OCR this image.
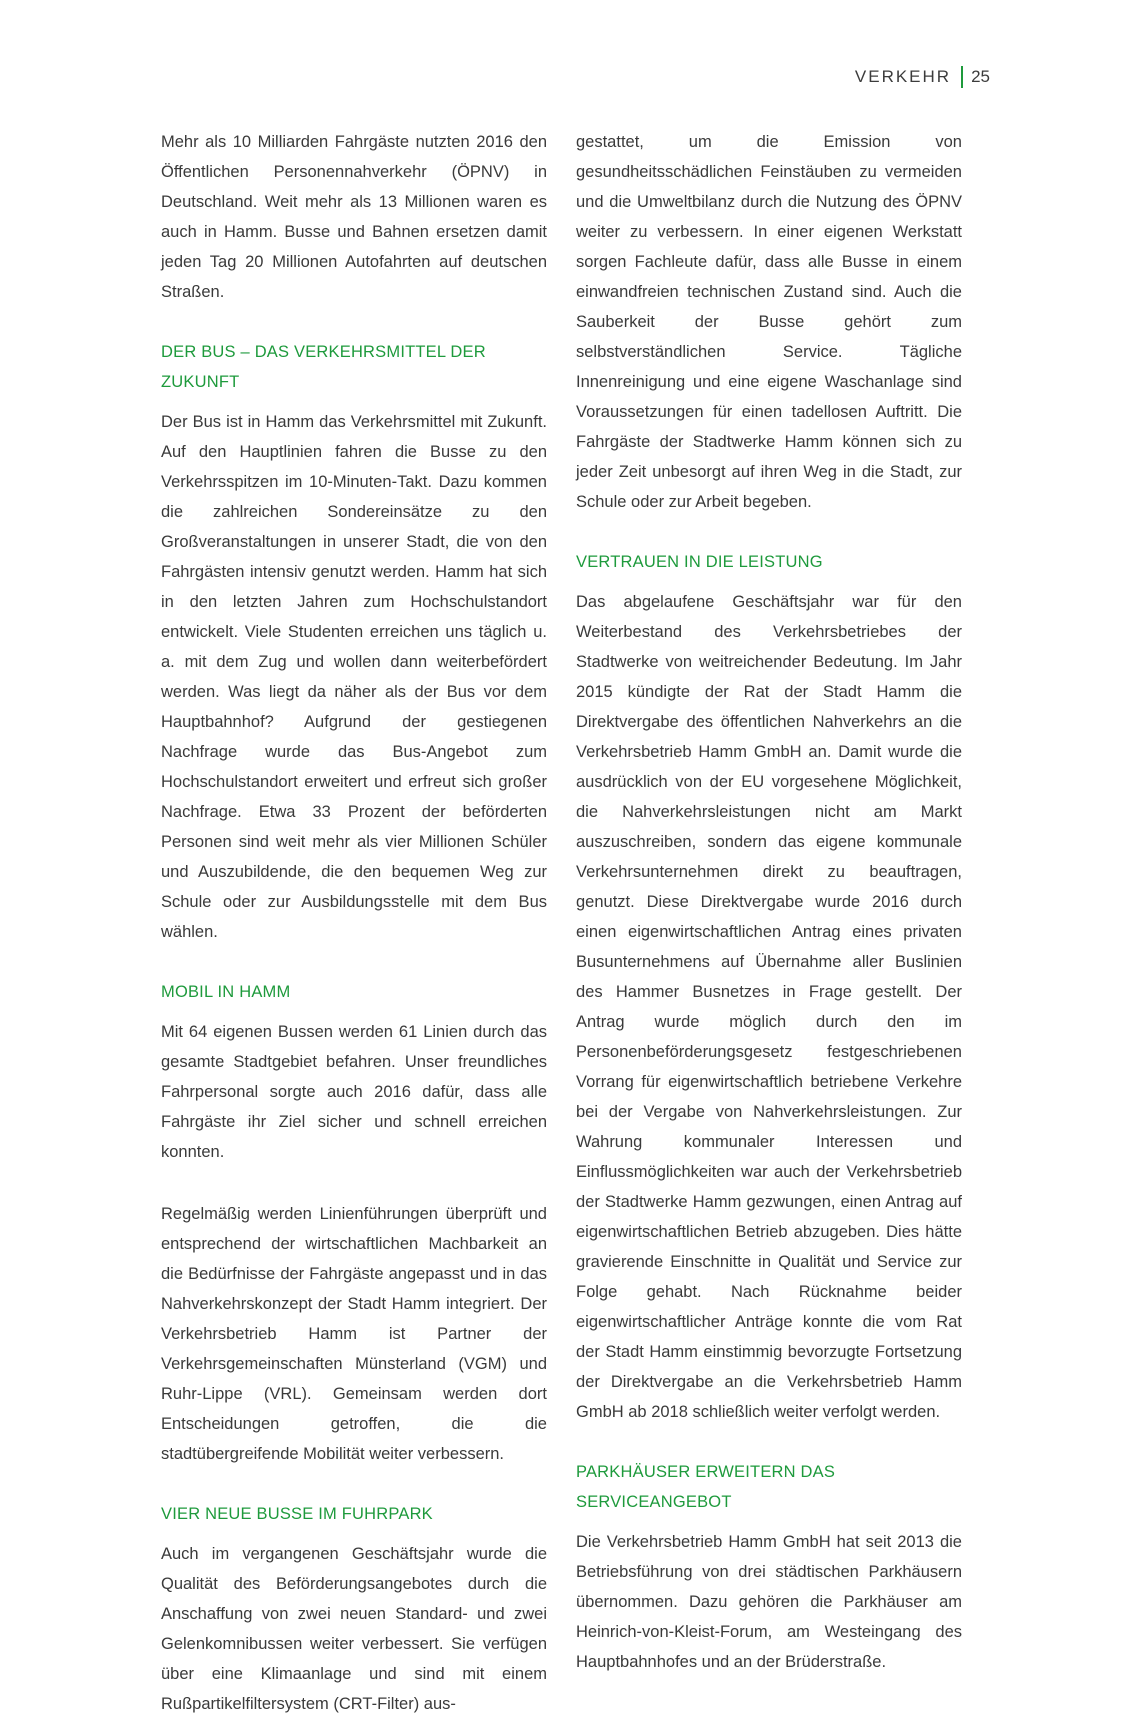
VERKEHR 25

Mehr als 10 Milliarden Fahrgäste nutzten 2016 den Öffentlichen Personennahverkehr (ÖPNV) in Deutschland. Weit mehr als 13 Millionen waren es auch in Hamm. Busse und Bahnen ersetzen damit jeden Tag 20 Millionen Autofahrten auf deutschen Straßen.

DER BUS – DAS VERKEHRSMITTEL DER ZUKUNFT

Der Bus ist in Hamm das Verkehrsmittel mit Zukunft. Auf den Hauptlinien fahren die Busse zu den Verkehrsspitzen im 10-Minuten-Takt. Dazu kommen die zahlreichen Sondereinsätze zu den Großveranstaltungen in unserer Stadt, die von den Fahrgästen intensiv genutzt werden. Hamm hat sich in den letzten Jahren zum Hochschulstandort entwickelt. Viele Studenten erreichen uns täglich u. a. mit dem Zug und wollen dann weiterbefördert werden. Was liegt da näher als der Bus vor dem Hauptbahnhof? Aufgrund der gestiegenen Nachfrage wurde das Bus-Angebot zum Hochschulstandort erweitert und erfreut sich großer Nachfrage. Etwa 33 Prozent der beförderten Personen sind weit mehr als vier Millionen Schüler und Auszubildende, die den bequemen Weg zur Schule oder zur Ausbildungsstelle mit dem Bus wählen.

MOBIL IN HAMM

Mit 64 eigenen Bussen werden 61 Linien durch das gesamte Stadtgebiet befahren. Unser freundliches Fahrpersonal sorgte auch 2016 dafür, dass alle Fahrgäste ihr Ziel sicher und schnell erreichen konnten.

Regelmäßig werden Linienführungen überprüft und entsprechend der wirtschaftlichen Machbarkeit an die Bedürfnisse der Fahrgäste angepasst und in das Nahverkehrskonzept der Stadt Hamm integriert. Der Verkehrsbetrieb Hamm ist Partner der Verkehrsgemeinschaften Münsterland (VGM) und Ruhr-Lippe (VRL). Gemeinsam werden dort Entscheidungen getroffen, die die stadtübergreifende Mobilität weiter verbessern.

VIER NEUE BUSSE IM FUHRPARK

Auch im vergangenen Geschäftsjahr wurde die Qualität des Beförderungsangebotes durch die Anschaffung von zwei neuen Standard- und zwei Gelenkomnibussen weiter verbessert. Sie verfügen über eine Klimaanlage und sind mit einem Rußpartikelfiltersystem (CRT-Filter) aus-

gestattet, um die Emission von gesundheitsschädlichen Feinstäuben zu vermeiden und die Umweltbilanz durch die Nutzung des ÖPNV weiter zu verbessern. In einer eigenen Werkstatt sorgen Fachleute dafür, dass alle Busse in einem einwandfreien technischen Zustand sind. Auch die Sauberkeit der Busse gehört zum selbstverständlichen Service. Tägliche Innenreinigung und eine eigene Waschanlage sind Voraussetzungen für einen tadellosen Auftritt. Die Fahrgäste der Stadtwerke Hamm können sich zu jeder Zeit unbesorgt auf ihren Weg in die Stadt, zur Schule oder zur Arbeit begeben.

VERTRAUEN IN DIE LEISTUNG

Das abgelaufene Geschäftsjahr war für den Weiterbestand des Verkehrsbetriebes der Stadtwerke von weitreichender Bedeutung. Im Jahr 2015 kündigte der Rat der Stadt Hamm die Direktvergabe des öffentlichen Nahverkehrs an die Verkehrsbetrieb Hamm GmbH an. Damit wurde die ausdrücklich von der EU vorgesehene Möglichkeit, die Nahverkehrsleistungen nicht am Markt auszuschreiben, sondern das eigene kommunale Verkehrsunternehmen direkt zu beauftragen, genutzt. Diese Direktvergabe wurde 2016 durch einen eigenwirtschaftlichen Antrag eines privaten Busunternehmens auf Übernahme aller Buslinien des Hammer Busnetzes in Frage gestellt. Der Antrag wurde möglich durch den im Personenbeförderungsgesetz festgeschriebenen Vorrang für eigenwirtschaftlich betriebene Verkehre bei der Vergabe von Nahverkehrsleistungen. Zur Wahrung kommunaler Interessen und Einflussmöglichkeiten war auch der Verkehrsbetrieb der Stadtwerke Hamm gezwungen, einen Antrag auf eigenwirtschaftlichen Betrieb abzugeben. Dies hätte gravierende Einschnitte in Qualität und Service zur Folge gehabt. Nach Rücknahme beider eigenwirtschaftlicher Anträge konnte die vom Rat der Stadt Hamm einstimmig bevorzugte Fortsetzung der Direktvergabe an die Verkehrsbetrieb Hamm GmbH ab 2018 schließlich weiter verfolgt werden.

PARKHÄUSER ERWEITERN DAS SERVICEANGEBOT

Die Verkehrsbetrieb Hamm GmbH hat seit 2013 die Betriebsführung von drei städtischen Parkhäusern übernommen. Dazu gehören die Parkhäuser am Heinrich-von-Kleist-Forum, am Westeingang des Hauptbahnhofes und an der Brüderstraße.
